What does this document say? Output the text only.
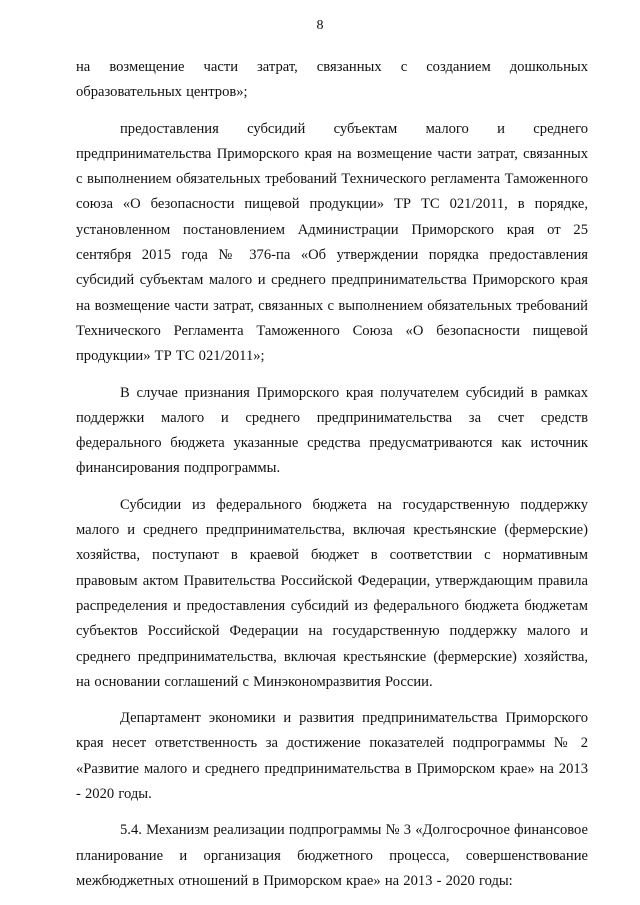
8

на возмещение части затрат, связанных с созданием дошкольных образовательных центров»;

предоставления субсидий субъектам малого и среднего предпринимательства Приморского края на возмещение части затрат, связанных с выполнением обязательных требований Технического регламента Таможенного союза «О безопасности пищевой продукции» ТР ТС 021/2011, в порядке, установленном постановлением Администрации Приморского края от 25 сентября 2015 года № 376-па «Об утверждении порядка предоставления субсидий субъектам малого и среднего предпринимательства Приморского края на возмещение части затрат, связанных с выполнением обязательных требований Технического Регламента Таможенного Союза «О безопасности пищевой продукции» ТР ТС 021/2011»;

В случае признания Приморского края получателем субсидий в рамках поддержки малого и среднего предпринимательства за счет средств федерального бюджета указанные средства предусматриваются как источник финансирования подпрограммы.

Субсидии из федерального бюджета на государственную поддержку малого и среднего предпринимательства, включая крестьянские (фермерские) хозяйства, поступают в краевой бюджет в соответствии с нормативным правовым актом Правительства Российской Федерации, утверждающим правила распределения и предоставления субсидий из федерального бюджета бюджетам субъектов Российской Федерации на государственную поддержку малого и среднего предпринимательства, включая крестьянские (фермерские) хозяйства, на основании соглашений с Минэкономразвития России.

Департамент экономики и развития предпринимательства Приморского края несет ответственность за достижение показателей подпрограммы № 2 «Развитие малого и среднего предпринимательства в Приморском крае» на 2013 - 2020 годы.

5.4. Механизм реализации подпрограммы № 3 «Долгосрочное финансовое планирование и организация бюджетного процесса, совершенствование межбюджетных отношений в Приморском крае» на 2013 - 2020 годы:
